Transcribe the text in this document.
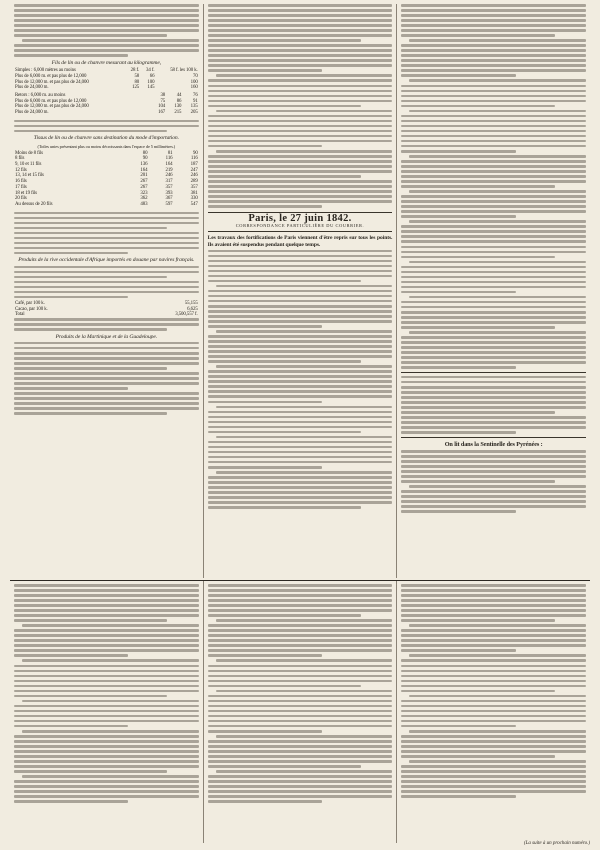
Fils de lin ou de chanvre mesurant au kilogramme,
Simples : 6,000 mètres au moins	28 f.	34 f.	58 f. les 100 k.
Plus de 6,000 m. et pas plus de 12,000	58	66	70
Plus de 12,000 m. et pas plus de 24,000	80	100	100
Plus de 24,000 m.	125	145	160
Retors : 6,000 m. au moins	38	44	76
Plus de 6,000 m. et pas plus de 12,000	75	86	91
Plus de 12,000 m. et pas plus de 24,000	104	130	135
Plus de 24,000 m.	167	215	205
Tissus de lin ou de chanvre sans destination du mode d'importation.
(Toiles unies présentant plus ou moins décroissants dans l'espace de 5 millimètres.)
Moins de 8 fils	80	81	90
8 fils	90	116	116
9, 10 et 11 fils	136	164	187
12 fils	164	219	247
13, 14 et 15 fils	201	246	246
16 fils	267	317	289
17 fils	267	357	357
18 et 19 fils	323	393	381
20 fils	362	367	330
Au dessus de 20 fils	483	597	547
Produits de la rive occidentale d'Afrique importés en douane par navires français.
Café, par 100 k.	55,155
Cacao, par 100 k.	6,625
Total	3,500,557 f.
Produits de la Martinique et de la Guadeloupe.
Paris, le 27 juin 1842.
CORRESPONDANCE PARTICULIÈRE DU COURRIER.

Les travaux des fortifications de Paris viennent d'être repris sur tous les points. Ils avaient été suspendus pendant quelque temps.

On lit dans la Sentinelle des Pyrénées :
(La suite à un prochain numéro.)
